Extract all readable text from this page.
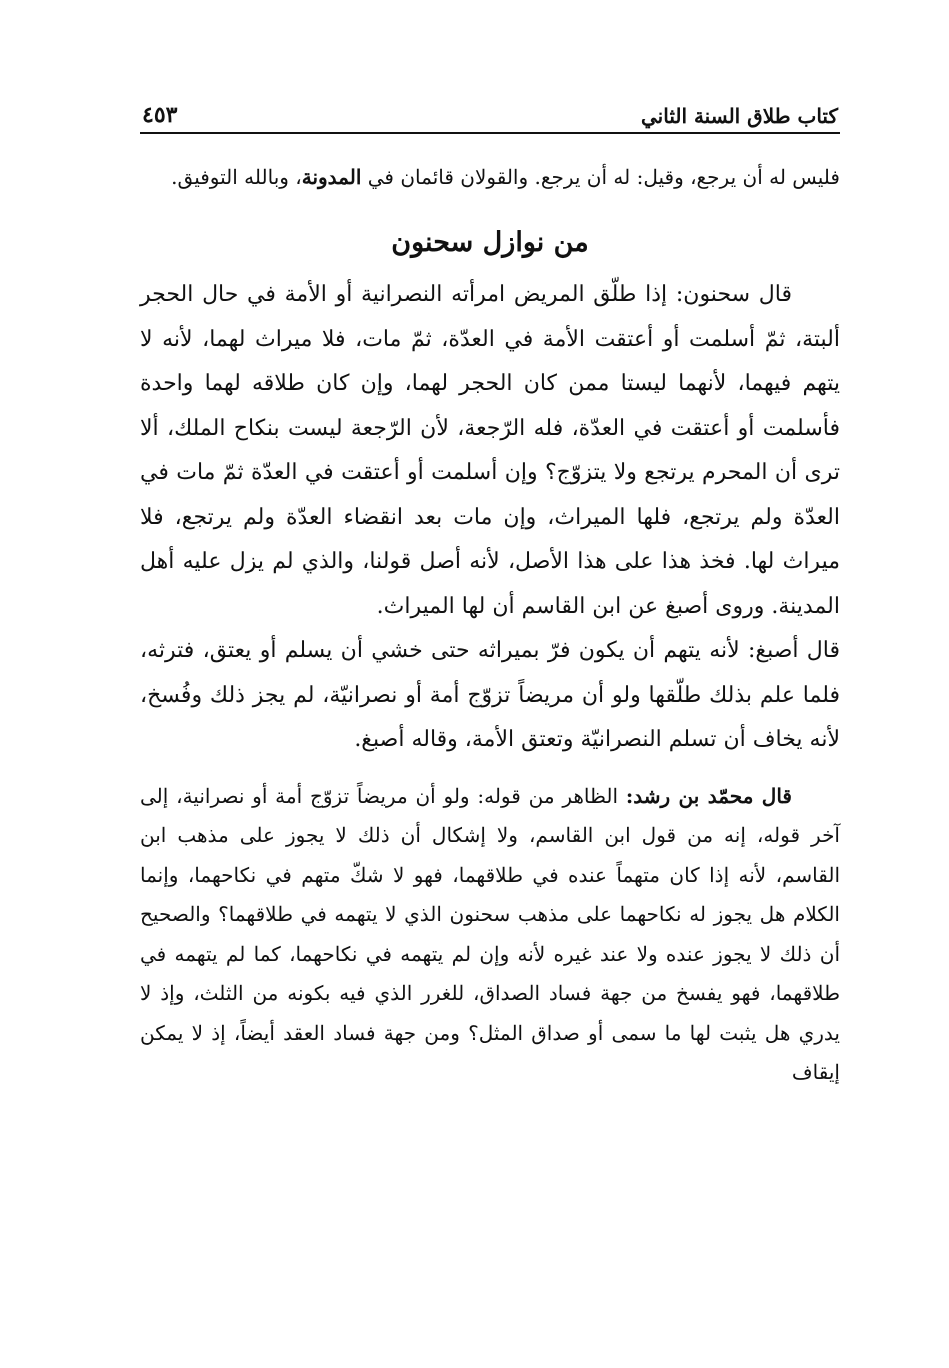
كتاب طلاق السنة الثاني
٤٥٣

فليس له أن يرجع، وقيل: له أن يرجع. والقولان قائمان في المدونة، وبالله التوفيق.

من نوازل سحنون

قال سحنون: إذا طلّق المريض امرأته النصرانية أو الأمة في حال الحجر ألبتة، ثمّ أسلمت أو أعتقت الأمة في العدّة، ثمّ مات، فلا ميراث لهما، لأنه لا يتهم فيهما، لأنهما ليستا ممن كان الحجر لهما، وإن كان طلاقه لهما واحدة فأسلمت أو أعتقت في العدّة، فله الرّجعة، لأن الرّجعة ليست بنكاح الملك، ألا ترى أن المحرم يرتجع ولا يتزوّج؟ وإن أسلمت أو أعتقت في العدّة ثمّ مات في العدّة ولم يرتجع، فلها الميراث، وإن مات بعد انقضاء العدّة ولم يرتجع، فلا ميراث لها. فخذ هذا على هذا الأصل، لأنه أصل قولنا، والذي لم يزل عليه أهل المدينة. وروى أصبغ عن ابن القاسم أن لها الميراث.

قال أصبغ: لأنه يتهم أن يكون فرّ بميراثه حتى خشي أن يسلم أو يعتق، فترثه، فلما علم بذلك طلّقها ولو أن مريضاً تزوّج أمة أو نصرانيّة، لم يجز ذلك وفُسخ، لأنه يخاف أن تسلم النصرانيّة وتعتق الأمة، وقاله أصبغ.

قال محمّد بن رشد: الظاهر من قوله: ولو أن مريضاً تزوّج أمة أو نصرانية، إلى آخر قوله، إنه من قول ابن القاسم، ولا إشكال أن ذلك لا يجوز على مذهب ابن القاسم، لأنه إذا كان متهماً عنده في طلاقهما، فهو لا شكّ متهم في نكاحهما، وإنما الكلام هل يجوز له نكاحهما على مذهب سحنون الذي لا يتهمه في طلاقهما؟ والصحيح أن ذلك لا يجوز عنده ولا عند غيره لأنه وإن لم يتهمه في نكاحهما، كما لم يتهمه في طلاقهما، فهو يفسخ من جهة فساد الصداق، للغرر الذي فيه بكونه من الثلث، وإذ لا يدري هل يثبت لها ما سمى أو صداق المثل؟ ومن جهة فساد العقد أيضاً، إذ لا يمكن إيقاف
